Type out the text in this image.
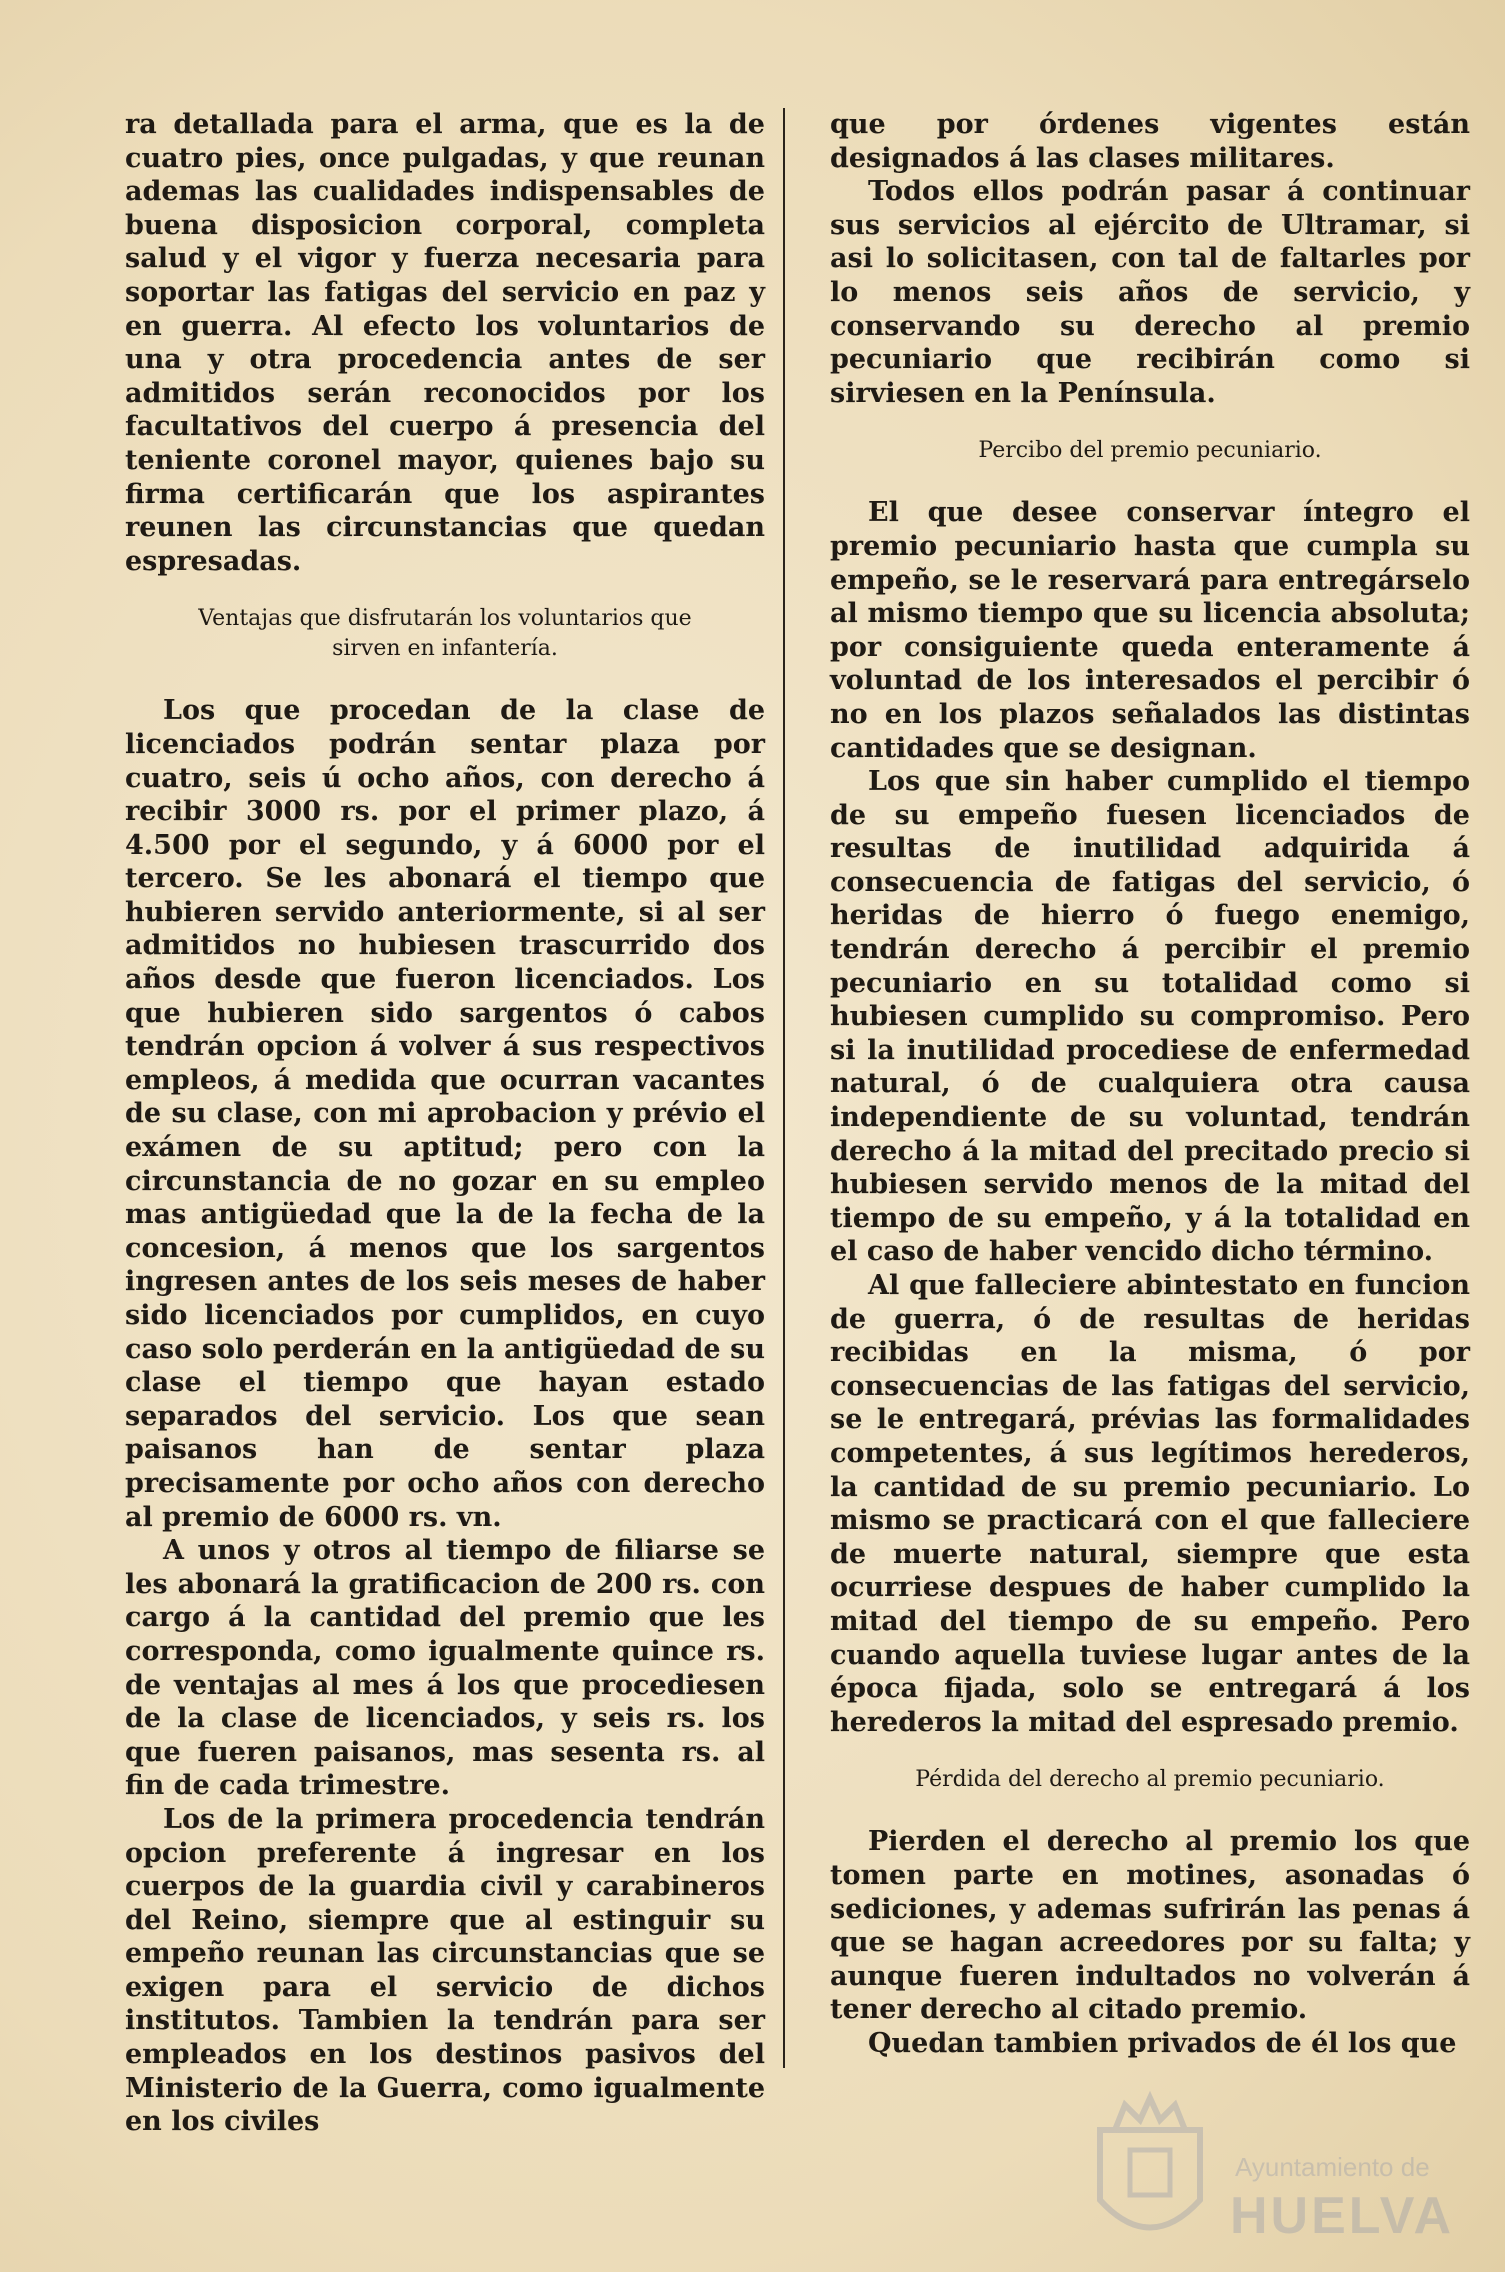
ra detallada para el arma, que es la de cuatro pies, once pulgadas, y que reunan ademas las cualidades indispensables de buena disposicion corporal, completa salud y el vigor y fuerza necesaria para soportar las fatigas del servicio en paz y en guerra. Al efecto los voluntarios de una y otra procedencia antes de ser admitidos serán reconocidos por los facultativos del cuerpo á presencia del teniente coronel mayor, quienes bajo su firma certificarán que los aspirantes reunen las circunstancias que quedan espresadas.

Ventajas que disfrutarán los voluntarios que sirven en infantería.

Los que procedan de la clase de licenciados podrán sentar plaza por cuatro, seis ú ocho años, con derecho á recibir 3000 rs. por el primer plazo, á 4.500 por el segundo, y á 6000 por el tercero. Se les abonará el tiempo que hubieren servido anteriormente, si al ser admitidos no hubiesen trascurrido dos años desde que fueron licenciados. Los que hubieren sido sargentos ó cabos tendrán opcion á volver á sus respectivos empleos, á medida que ocurran vacantes de su clase, con mi aprobacion y prévio el exámen de su aptitud; pero con la circunstancia de no gozar en su empleo mas antigüedad que la de la fecha de la concesion, á menos que los sargentos ingresen antes de los seis meses de haber sido licenciados por cumplidos, en cuyo caso solo perderán en la antigüedad de su clase el tiempo que hayan estado separados del servicio. Los que sean paisanos han de sentar plaza precisamente por ocho años con derecho al premio de 6000 rs. vn.

A unos y otros al tiempo de filiarse se les abonará la gratificacion de 200 rs. con cargo á la cantidad del premio que les corresponda, como igualmente quince rs. de ventajas al mes á los que procediesen de la clase de licenciados, y seis rs. los que fueren paisanos, mas sesenta rs. al fin de cada trimestre.

Los de la primera procedencia tendrán opcion preferente á ingresar en los cuerpos de la guardia civil y carabineros del Reino, siempre que al estinguir su empeño reunan las circunstancias que se exigen para el servicio de dichos institutos. Tambien la tendrán para ser empleados en los destinos pasivos del Ministerio de la Guerra, como igualmente en los civiles

que por órdenes vigentes están designados á las clases militares.

Todos ellos podrán pasar á continuar sus servicios al ejército de Ultramar, si asi lo solicitasen, con tal de faltarles por lo menos seis años de servicio, y conservando su derecho al premio pecuniario que recibirán como si sirviesen en la Península.

Percibo del premio pecuniario.

El que desee conservar íntegro el premio pecuniario hasta que cumpla su empeño, se le reservará para entregárselo al mismo tiempo que su licencia absoluta; por consiguiente queda enteramente á voluntad de los interesados el percibir ó no en los plazos señalados las distintas cantidades que se designan.

Los que sin haber cumplido el tiempo de su empeño fuesen licenciados de resultas de inutilidad adquirida á consecuencia de fatigas del servicio, ó heridas de hierro ó fuego enemigo, tendrán derecho á percibir el premio pecuniario en su totalidad como si hubiesen cumplido su compromiso. Pero si la inutilidad procediese de enfermedad natural, ó de cualquiera otra causa independiente de su voluntad, tendrán derecho á la mitad del precitado precio si hubiesen servido menos de la mitad del tiempo de su empeño, y á la totalidad en el caso de haber vencido dicho término.

Al que falleciere abintestato en funcion de guerra, ó de resultas de heridas recibidas en la misma, ó por consecuencias de las fatigas del servicio, se le entregará, prévias las formalidades competentes, á sus legítimos herederos, la cantidad de su premio pecuniario. Lo mismo se practicará con el que falleciere de muerte natural, siempre que esta ocurriese despues de haber cumplido la mitad del tiempo de su empeño. Pero cuando aquella tuviese lugar antes de la época fijada, solo se entregará á los herederos la mitad del espresado premio.

Pérdida del derecho al premio pecuniario.

Pierden el derecho al premio los que tomen parte en motines, asonadas ó sediciones, y ademas sufrirán las penas á que se hagan acreedores por su falta; y aunque fueren indultados no volverán á tener derecho al citado premio.

Quedan tambien privados de él los que

Ayuntamiento de
HUELVA
